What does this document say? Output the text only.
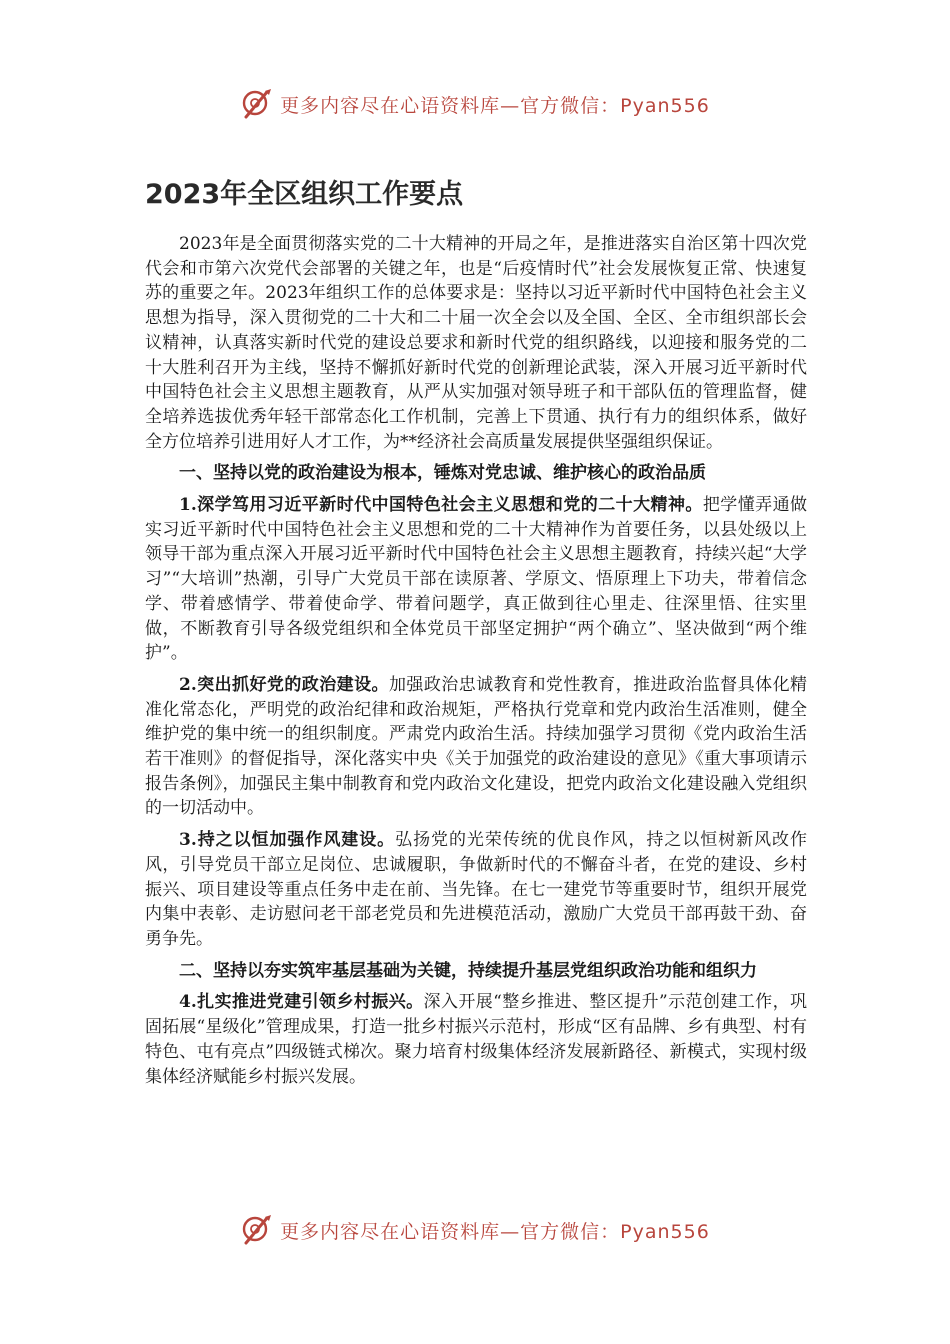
更多内容尽在心语资料库—官方微信：Pyan556
2023年全区组织工作要点

2023年是全面贯彻落实党的二十大精神的开局之年，是推进落实自治区第十四次党代会和市第六次党代会部署的关键之年，也是“后疫情时代”社会发展恢复正常、快速复苏的重要之年。2023年组织工作的总体要求是：坚持以习近平新时代中国特色社会主义思想为指导，深入贯彻党的二十大和二十届一次全会以及全国、全区、全市组织部长会议精神，认真落实新时代党的建设总要求和新时代党的组织路线，以迎接和服务党的二十大胜利召开为主线，坚持不懈抓好新时代党的创新理论武装，深入开展习近平新时代中国特色社会主义思想主题教育，从严从实加强对领导班子和干部队伍的管理监督，健全培养选拔优秀年轻干部常态化工作机制，完善上下贯通、执行有力的组织体系，做好全方位培养引进用好人才工作，为**经济社会高质量发展提供坚强组织保证。

一、坚持以党的政治建设为根本，锤炼对党忠诚、维护核心的政治品质

1.深学笃用习近平新时代中国特色社会主义思想和党的二十大精神。把学懂弄通做实习近平新时代中国特色社会主义思想和党的二十大精神作为首要任务，以县处级以上领导干部为重点深入开展习近平新时代中国特色社会主义思想主题教育，持续兴起“大学习”“大培训”热潮，引导广大党员干部在读原著、学原文、悟原理上下功夫，带着信念学、带着感情学、带着使命学、带着问题学，真正做到往心里走、往深里悟、往实里做，不断教育引导各级党组织和全体党员干部坚定拥护“两个确立”、坚决做到“两个维护”。

2.突出抓好党的政治建设。加强政治忠诚教育和党性教育，推进政治监督具体化精准化常态化，严明党的政治纪律和政治规矩，严格执行党章和党内政治生活准则，健全维护党的集中统一的组织制度。严肃党内政治生活。持续加强学习贯彻《党内政治生活若干准则》的督促指导，深化落实中央《关于加强党的政治建设的意见》《重大事项请示报告条例》，加强民主集中制教育和党内政治文化建设，把党内政治文化建设融入党组织的一切活动中。

3.持之以恒加强作风建设。弘扬党的光荣传统的优良作风，持之以恒树新风改作风，引导党员干部立足岗位、忠诚履职，争做新时代的不懈奋斗者，在党的建设、乡村振兴、项目建设等重点任务中走在前、当先锋。在七一建党节等重要时节，组织开展党内集中表彰、走访慰问老干部老党员和先进模范活动，激励广大党员干部再鼓干劲、奋勇争先。

二、坚持以夯实筑牢基层基础为关键，持续提升基层党组织政治功能和组织力

4.扎实推进党建引领乡村振兴。深入开展“整乡推进、整区提升”示范创建工作，巩固拓展“星级化”管理成果，打造一批乡村振兴示范村，形成“区有品牌、乡有典型、村有特色、屯有亮点”四级链式梯次。聚力培育村级集体经济发展新路径、新模式，实现村级集体经济赋能乡村振兴发展。

更多内容尽在心语资料库—官方微信：Pyan556
